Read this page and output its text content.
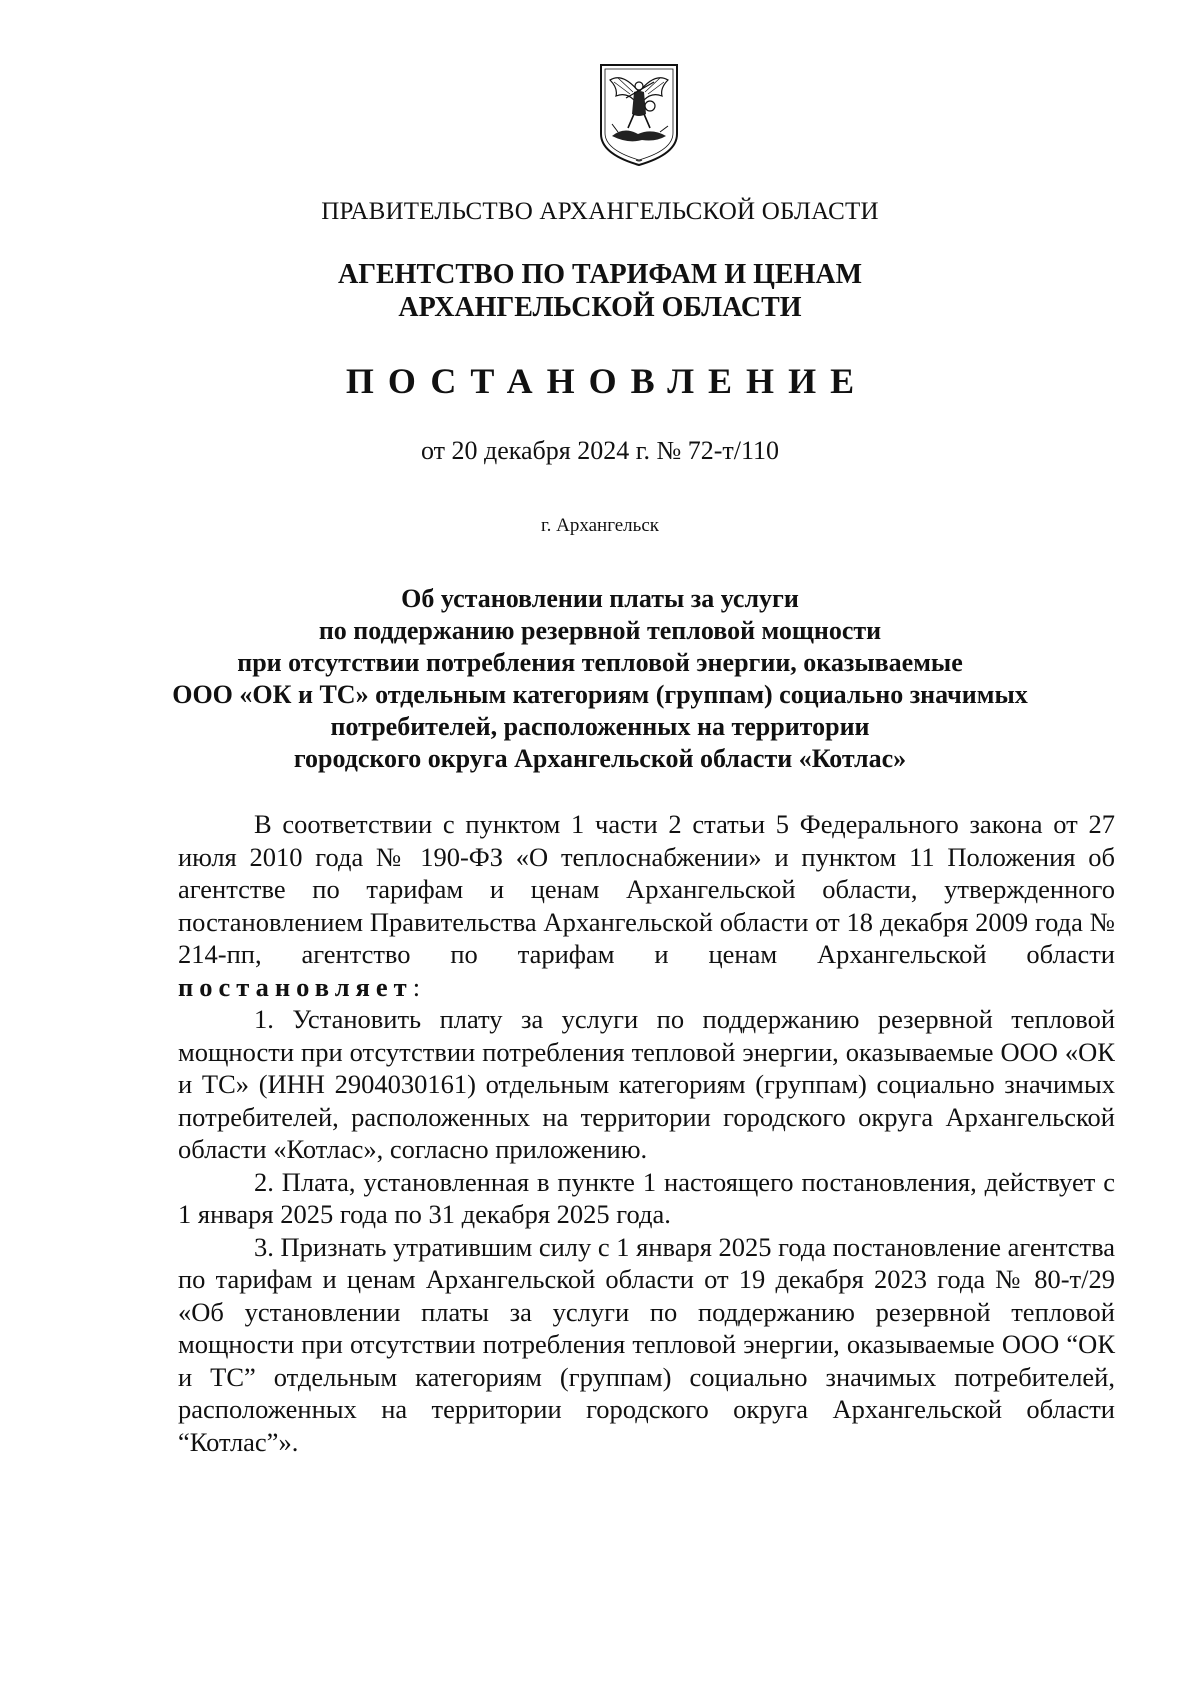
ПРАВИТЕЛЬСТВО АРХАНГЕЛЬСКОЙ ОБЛАСТИ
АГЕНТСТВО ПО ТАРИФАМ И ЦЕНАМ
АРХАНГЕЛЬСКОЙ ОБЛАСТИ
ПОСТАНОВЛЕНИЕ
от 20 декабря 2024 г. № 72-т/110
г. Архангельск
Об установлении платы за услуги
по поддержанию резервной тепловой мощности
при отсутствии потребления тепловой энергии, оказываемые
ООО «ОК и ТС» отдельным категориям (группам) социально значимых
потребителей, расположенных на территории
городского округа Архангельской области «Котлас»

В соответствии с пунктом 1 части 2 статьи 5 Федерального закона от 27 июля 2010 года № 190-ФЗ «О теплоснабжении» и пунктом 11 Положения об агентстве по тарифам и ценам Архангельской области, утвержденного постановлением Правительства Архангельской области от 18 декабря 2009 года № 214-пп, агентство по тарифам и ценам Архангельской области постановляет:

1. Установить плату за услуги по поддержанию резервной тепловой мощности при отсутствии потребления тепловой энергии, оказываемые ООО «ОК и ТС» (ИНН 2904030161) отдельным категориям (группам) социально значимых потребителей, расположенных на территории городского округа Архангельской области «Котлас», согласно приложению.

2. Плата, установленная в пункте 1 настоящего постановления, действует с 1 января 2025 года по 31 декабря 2025 года.

3. Признать утратившим силу с 1 января 2025 года постановление агентства по тарифам и ценам Архангельской области от 19 декабря 2023 года № 80-т/29 «Об установлении платы за услуги по поддержанию резервной тепловой мощности при отсутствии потребления тепловой энергии, оказываемые ООО “ОК и ТС” отдельным категориям (группам) социально значимых потребителей, расположенных на территории городского округа Архангельской области “Котлас”».
